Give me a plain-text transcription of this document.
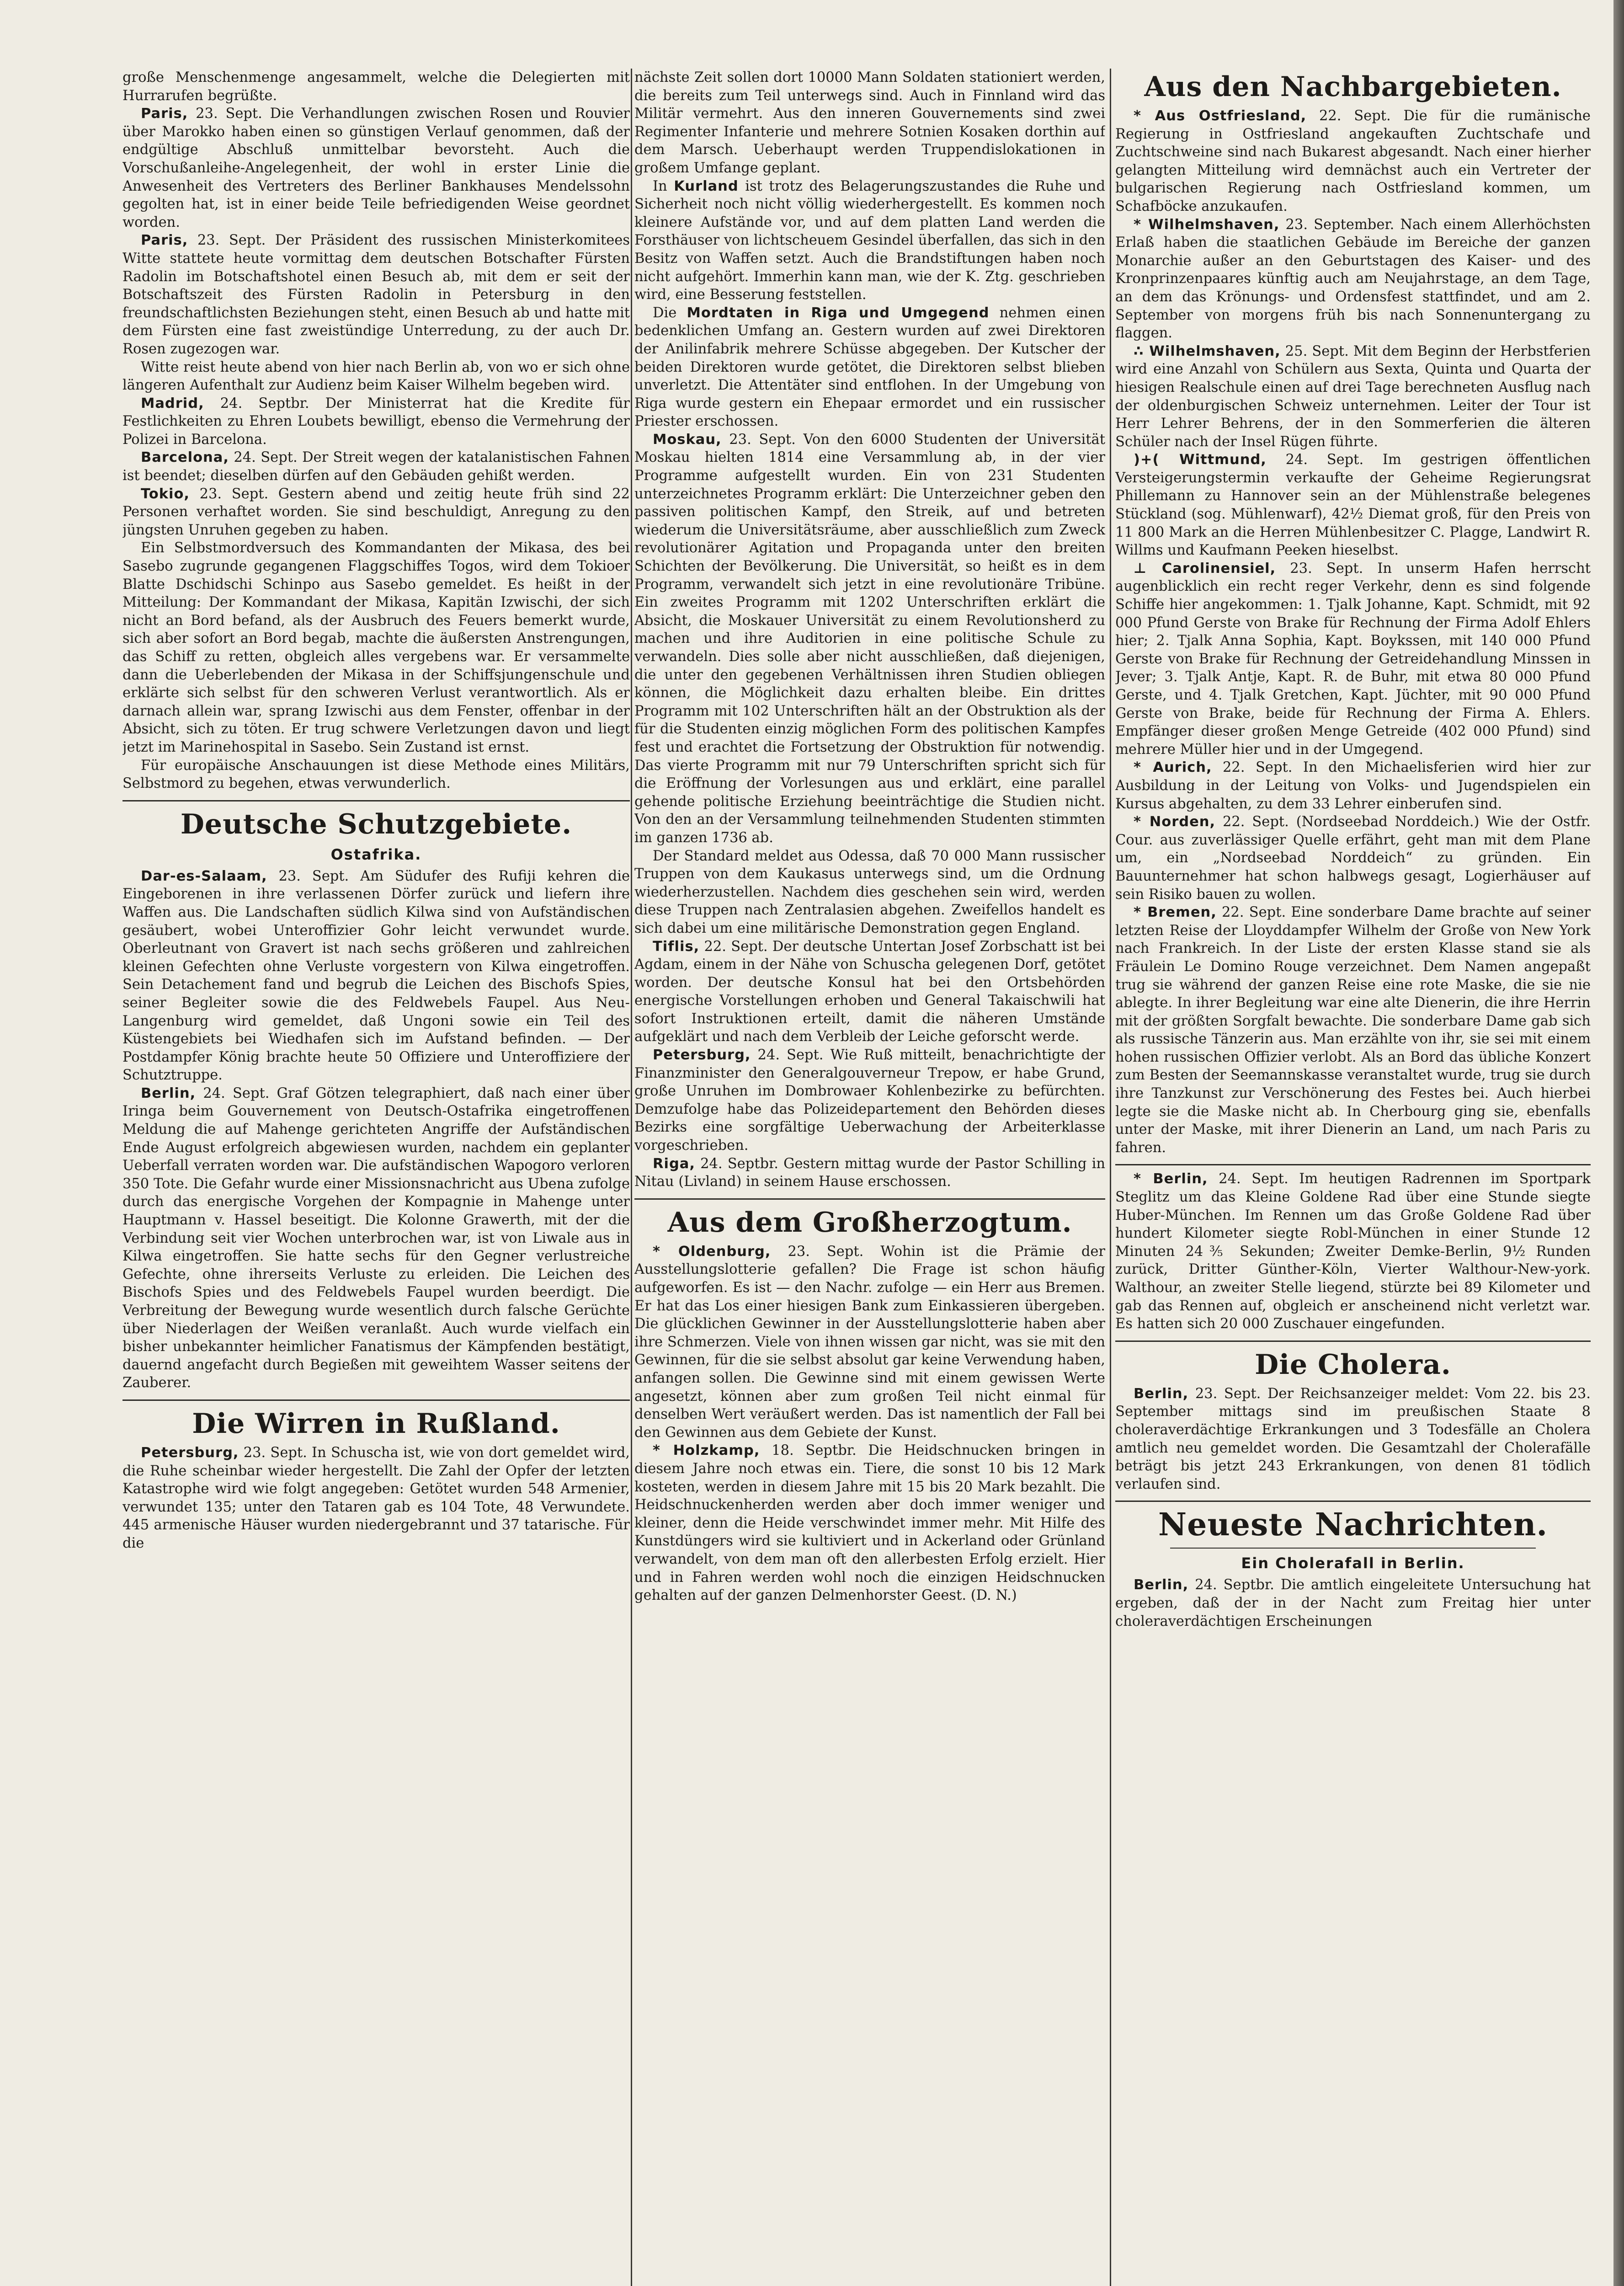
große Menschenmenge angesammelt, welche die Delegierten mit Hurrarufen begrüßte.

Paris, 23. Sept. Die Verhandlungen zwischen Rosen und Rouvier über Marokko haben einen so günstigen Verlauf genommen, daß der endgültige Abschluß unmittelbar bevorsteht. Auch die Vorschußanleihe-Angelegenheit, der wohl in erster Linie die Anwesenheit des Vertreters des Berliner Bankhauses Mendelssohn gegolten hat, ist in einer beide Teile befriedigenden Weise geordnet worden.

Paris, 23. Sept. Der Präsident des russischen Ministerkomitees Witte stattete heute vormittag dem deutschen Botschafter Fürsten Radolin im Botschaftshotel einen Besuch ab, mit dem er seit der Botschaftszeit des Fürsten Radolin in Petersburg in den freundschaftlichsten Beziehungen steht, einen Besuch ab und hatte mit dem Fürsten eine fast zweistündige Unterredung, zu der auch Dr. Rosen zugezogen war.

Witte reist heute abend von hier nach Berlin ab, von wo er sich ohne längeren Aufenthalt zur Audienz beim Kaiser Wilhelm begeben wird.

Madrid, 24. Septbr. Der Ministerrat hat die Kredite für Festlichkeiten zu Ehren Loubets bewilligt, ebenso die Vermehrung der Polizei in Barcelona.

Barcelona, 24. Sept. Der Streit wegen der katalanistischen Fahnen ist beendet; dieselben dürfen auf den Gebäuden gehißt werden.

Tokio, 23. Sept. Gestern abend und zeitig heute früh sind 22 Personen verhaftet worden. Sie sind beschuldigt, Anregung zu den jüngsten Unruhen gegeben zu haben.

Ein Selbstmordversuch des Kommandanten der Mikasa, des bei Sasebo zugrunde gegangenen Flaggschiffes Togos, wird dem Tokioer Blatte Dschidschi Schinpo aus Sasebo gemeldet. Es heißt in der Mitteilung: Der Kommandant der Mikasa, Kapitän Izwischi, der sich nicht an Bord befand, als der Ausbruch des Feuers bemerkt wurde, sich aber sofort an Bord begab, machte die äußersten Anstrengungen, das Schiff zu retten, obgleich alles vergebens war. Er versammelte dann die Ueberlebenden der Mikasa in der Schiffsjungenschule und erklärte sich selbst für den schweren Verlust verantwortlich. Als er darnach allein war, sprang Izwischi aus dem Fenster, offenbar in der Absicht, sich zu töten. Er trug schwere Verletzungen davon und liegt jetzt im Marinehospital in Sasebo. Sein Zustand ist ernst.

Für europäische Anschauungen ist diese Methode eines Militärs, Selbstmord zu begehen, etwas verwunderlich.

Deutsche Schutzgebiete.
Ostafrika.

Dar-es-Salaam, 23. Sept. Am Südufer des Rufiji kehren die Eingeborenen in ihre verlassenen Dörfer zurück und liefern ihre Waffen aus. Die Landschaften südlich Kilwa sind von Aufständischen gesäubert, wobei Unteroffizier Gohr leicht verwundet wurde. Oberleutnant von Gravert ist nach sechs größeren und zahlreichen kleinen Gefechten ohne Verluste vorgestern von Kilwa eingetroffen. Sein Detachement fand und begrub die Leichen des Bischofs Spies, seiner Begleiter sowie die des Feldwebels Faupel. Aus Neu-Langenburg wird gemeldet, daß Ungoni sowie ein Teil des Küstengebiets bei Wiedhafen sich im Aufstand befinden. — Der Postdampfer König brachte heute 50 Offiziere und Unteroffiziere der Schutztruppe.

Berlin, 24. Sept. Graf Götzen telegraphiert, daß nach einer über Iringa beim Gouvernement von Deutsch-Ostafrika eingetroffenen Meldung die auf Mahenge gerichteten Angriffe der Aufständischen Ende August erfolgreich abgewiesen wurden, nachdem ein geplanter Ueberfall verraten worden war. Die aufständischen Wapogoro verloren 350 Tote. Die Gefahr wurde einer Missionsnachricht aus Ubena zufolge durch das energische Vorgehen der Kompagnie in Mahenge unter Hauptmann v. Hassel beseitigt. Die Kolonne Grawerth, mit der die Verbindung seit vier Wochen unterbrochen war, ist von Liwale aus in Kilwa eingetroffen. Sie hatte sechs für den Gegner verlustreiche Gefechte, ohne ihrerseits Verluste zu erleiden. Die Leichen des Bischofs Spies und des Feldwebels Faupel wurden beerdigt. Die Verbreitung der Bewegung wurde wesentlich durch falsche Gerüchte über Niederlagen der Weißen veranlaßt. Auch wurde vielfach ein bisher unbekannter heimlicher Fanatismus der Kämpfenden bestätigt, dauernd angefacht durch Begießen mit geweihtem Wasser seitens der Zauberer.

Die Wirren in Rußland.

Petersburg, 23. Sept. In Schuscha ist, wie von dort gemeldet wird, die Ruhe scheinbar wieder hergestellt. Die Zahl der Opfer der letzten Katastrophe wird wie folgt angegeben: Getötet wurden 548 Armenier, verwundet 135; unter den Tataren gab es 104 Tote, 48 Verwundete. 445 armenische Häuser wurden niedergebrannt und 37 tatarische. Für die

nächste Zeit sollen dort 10000 Mann Soldaten stationiert werden, die bereits zum Teil unterwegs sind. Auch in Finnland wird das Militär vermehrt. Aus den inneren Gouvernements sind zwei Regimenter Infanterie und mehrere Sotnien Kosaken dorthin auf dem Marsch. Ueberhaupt werden Truppendislokationen in großem Umfange geplant.

In Kurland ist trotz des Belagerungszustandes die Ruhe und Sicherheit noch nicht völlig wiederhergestellt. Es kommen noch kleinere Aufstände vor, und auf dem platten Land werden die Forsthäuser von lichtscheuem Gesindel überfallen, das sich in den Besitz von Waffen setzt. Auch die Brandstiftungen haben noch nicht aufgehört. Immerhin kann man, wie der K. Ztg. geschrieben wird, eine Besserung feststellen.

Die Mordtaten in Riga und Umgegend nehmen einen bedenklichen Umfang an. Gestern wurden auf zwei Direktoren der Anilinfabrik mehrere Schüsse abgegeben. Der Kutscher der beiden Direktoren wurde getötet, die Direktoren selbst blieben unverletzt. Die Attentäter sind entflohen. In der Umgebung von Riga wurde gestern ein Ehepaar ermordet und ein russischer Priester erschossen.

Moskau, 23. Sept. Von den 6000 Studenten der Universität Moskau hielten 1814 eine Versammlung ab, in der vier Programme aufgestellt wurden. Ein von 231 Studenten unterzeichnetes Programm erklärt: Die Unterzeichner geben den passiven politischen Kampf, den Streik, auf und betreten wiederum die Universitätsräume, aber ausschließlich zum Zweck revolutionärer Agitation und Propaganda unter den breiten Schichten der Bevölkerung. Die Universität, so heißt es in dem Programm, verwandelt sich jetzt in eine revolutionäre Tribüne. Ein zweites Programm mit 1202 Unterschriften erklärt die Absicht, die Moskauer Universität zu einem Revolutionsherd zu machen und ihre Auditorien in eine politische Schule zu verwandeln. Dies solle aber nicht ausschließen, daß diejenigen, die unter den gegebenen Verhältnissen ihren Studien obliegen können, die Möglichkeit dazu erhalten bleibe. Ein drittes Programm mit 102 Unterschriften hält an der Obstruktion als der für die Studenten einzig möglichen Form des politischen Kampfes fest und erachtet die Fortsetzung der Obstruktion für notwendig. Das vierte Programm mit nur 79 Unterschriften spricht sich für die Eröffnung der Vorlesungen aus und erklärt, eine parallel gehende politische Erziehung beeinträchtige die Studien nicht. Von den an der Versammlung teilnehmenden Studenten stimmten im ganzen 1736 ab.

Der Standard meldet aus Odessa, daß 70 000 Mann russischer Truppen von dem Kaukasus unterwegs sind, um die Ordnung wiederherzustellen. Nachdem dies geschehen sein wird, werden diese Truppen nach Zentralasien abgehen. Zweifellos handelt es sich dabei um eine militärische Demonstration gegen England.

Tiflis, 22. Sept. Der deutsche Untertan Josef Zorbschatt ist bei Agdam, einem in der Nähe von Schuscha gelegenen Dorf, getötet worden. Der deutsche Konsul hat bei den Ortsbehörden energische Vorstellungen erhoben und General Takaischwili hat sofort Instruktionen erteilt, damit die näheren Umstände aufgeklärt und nach dem Verbleib der Leiche geforscht werde.

Petersburg, 24. Sept. Wie Ruß mitteilt, benachrichtigte der Finanzminister den Generalgouverneur Trepow, er habe Grund, große Unruhen im Dombrowaer Kohlenbezirke zu befürchten. Demzufolge habe das Polizeidepartement den Behörden dieses Bezirks eine sorgfältige Ueberwachung der Arbeiterklasse vorgeschrieben.

Riga, 24. Septbr. Gestern mittag wurde der Pastor Schilling in Nitau (Livland) in seinem Hause erschossen.

Aus dem Großherzogtum.

* Oldenburg, 23. Sept. Wohin ist die Prämie der Ausstellungslotterie gefallen? Die Frage ist schon häufig aufgeworfen. Es ist — den Nachr. zufolge — ein Herr aus Bremen. Er hat das Los einer hiesigen Bank zum Einkassieren übergeben. Die glücklichen Gewinner in der Ausstellungslotterie haben aber ihre Schmerzen. Viele von ihnen wissen gar nicht, was sie mit den Gewinnen, für die sie selbst absolut gar keine Verwendung haben, anfangen sollen. Die Gewinne sind mit einem gewissen Werte angesetzt, können aber zum großen Teil nicht einmal für denselben Wert veräußert werden. Das ist namentlich der Fall bei den Gewinnen aus dem Gebiete der Kunst.

* Holzkamp, 18. Septbr. Die Heidschnucken bringen in diesem Jahre noch etwas ein. Tiere, die sonst 10 bis 12 Mark kosteten, werden in diesem Jahre mit 15 bis 20 Mark bezahlt. Die Heidschnuckenherden werden aber doch immer weniger und kleiner, denn die Heide verschwindet immer mehr. Mit Hilfe des Kunstdüngers wird sie kultiviert und in Ackerland oder Grünland verwandelt, von dem man oft den allerbesten Erfolg erzielt. Hier und in Fahren werden wohl noch die einzigen Heidschnucken gehalten auf der ganzen Delmenhorster Geest. (D. N.)

Aus den Nachbargebieten.

* Aus Ostfriesland, 22. Sept. Die für die rumänische Regierung in Ostfriesland angekauften Zuchtschafe und Zuchtschweine sind nach Bukarest abgesandt. Nach einer hierher gelangten Mitteilung wird demnächst auch ein Vertreter der bulgarischen Regierung nach Ostfriesland kommen, um Schafböcke anzukaufen.

* Wilhelmshaven, 23. September. Nach einem Allerhöchsten Erlaß haben die staatlichen Gebäude im Bereiche der ganzen Monarchie außer an den Geburtstagen des Kaiser- und des Kronprinzenpaares künftig auch am Neujahrstage, an dem Tage, an dem das Krönungs- und Ordensfest stattfindet, und am 2. September von morgens früh bis nach Sonnenuntergang zu flaggen.

∴ Wilhelmshaven, 25. Sept. Mit dem Beginn der Herbstferien wird eine Anzahl von Schülern aus Sexta, Quinta und Quarta der hiesigen Realschule einen auf drei Tage berechneten Ausflug nach der oldenburgischen Schweiz unternehmen. Leiter der Tour ist Herr Lehrer Behrens, der in den Sommerferien die älteren Schüler nach der Insel Rügen führte.

)+( Wittmund, 24. Sept. Im gestrigen öffentlichen Versteigerungstermin verkaufte der Geheime Regierungsrat Phillemann zu Hannover sein an der Mühlenstraße belegenes Stückland (sog. Mühlenwarf), 42½ Diemat groß, für den Preis von 11 800 Mark an die Herren Mühlenbesitzer C. Plagge, Landwirt R. Willms und Kaufmann Peeken hieselbst.

⊥ Carolinensiel, 23. Sept. In unserm Hafen herrscht augenblicklich ein recht reger Verkehr, denn es sind folgende Schiffe hier angekommen: 1. Tjalk Johanne, Kapt. Schmidt, mit 92 000 Pfund Gerste von Brake für Rechnung der Firma Adolf Ehlers hier; 2. Tjalk Anna Sophia, Kapt. Boykssen, mit 140 000 Pfund Gerste von Brake für Rechnung der Getreidehandlung Minssen in Jever; 3. Tjalk Antje, Kapt. R. de Buhr, mit etwa 80 000 Pfund Gerste, und 4. Tjalk Gretchen, Kapt. Jüchter, mit 90 000 Pfund Gerste von Brake, beide für Rechnung der Firma A. Ehlers. Empfänger dieser großen Menge Getreide (402 000 Pfund) sind mehrere Müller hier und in der Umgegend.

* Aurich, 22. Sept. In den Michaelisferien wird hier zur Ausbildung in der Leitung von Volks- und Jugendspielen ein Kursus abgehalten, zu dem 33 Lehrer einberufen sind.

* Norden, 22. Sept. (Nordseebad Norddeich.) Wie der Ostfr. Cour. aus zuverlässiger Quelle erfährt, geht man mit dem Plane um, ein „Nordseebad Norddeich“ zu gründen. Ein Bauunternehmer hat schon halbwegs gesagt, Logierhäuser auf sein Risiko bauen zu wollen.

* Bremen, 22. Sept. Eine sonderbare Dame brachte auf seiner letzten Reise der Lloyddampfer Wilhelm der Große von New York nach Frankreich. In der Liste der ersten Klasse stand sie als Fräulein Le Domino Rouge verzeichnet. Dem Namen angepaßt trug sie während der ganzen Reise eine rote Maske, die sie nie ablegte. In ihrer Begleitung war eine alte Dienerin, die ihre Herrin mit der größten Sorgfalt bewachte. Die sonderbare Dame gab sich als russische Tänzerin aus. Man erzählte von ihr, sie sei mit einem hohen russischen Offizier verlobt. Als an Bord das übliche Konzert zum Besten der Seemannskasse veranstaltet wurde, trug sie durch ihre Tanzkunst zur Verschönerung des Festes bei. Auch hierbei legte sie die Maske nicht ab. In Cherbourg ging sie, ebenfalls unter der Maske, mit ihrer Dienerin an Land, um nach Paris zu fahren.

* Berlin, 24. Sept. Im heutigen Radrennen im Sportpark Steglitz um das Kleine Goldene Rad über eine Stunde siegte Huber-München. Im Rennen um das Große Goldene Rad über hundert Kilometer siegte Robl-München in einer Stunde 12 Minuten 24⅗ Sekunden; Zweiter Demke-Berlin, 9½ Runden zurück, Dritter Günther-Köln, Vierter Walthour-New-york. Walthour, an zweiter Stelle liegend, stürzte bei 89 Kilometer und gab das Rennen auf, obgleich er anscheinend nicht verletzt war. Es hatten sich 20 000 Zuschauer eingefunden.

Die Cholera.

Berlin, 23. Sept. Der Reichsanzeiger meldet: Vom 22. bis 23. September mittags sind im preußischen Staate 8 choleraverdächtige Erkrankungen und 3 Todesfälle an Cholera amtlich neu gemeldet worden. Die Gesamtzahl der Cholerafälle beträgt bis jetzt 243 Erkrankungen, von denen 81 tödlich verlaufen sind.

Neueste Nachrichten.
Ein Cholerafall in Berlin.

Berlin, 24. Septbr. Die amtlich eingeleitete Untersuchung hat ergeben, daß der in der Nacht zum Freitag hier unter choleraverdächtigen Erscheinungen
